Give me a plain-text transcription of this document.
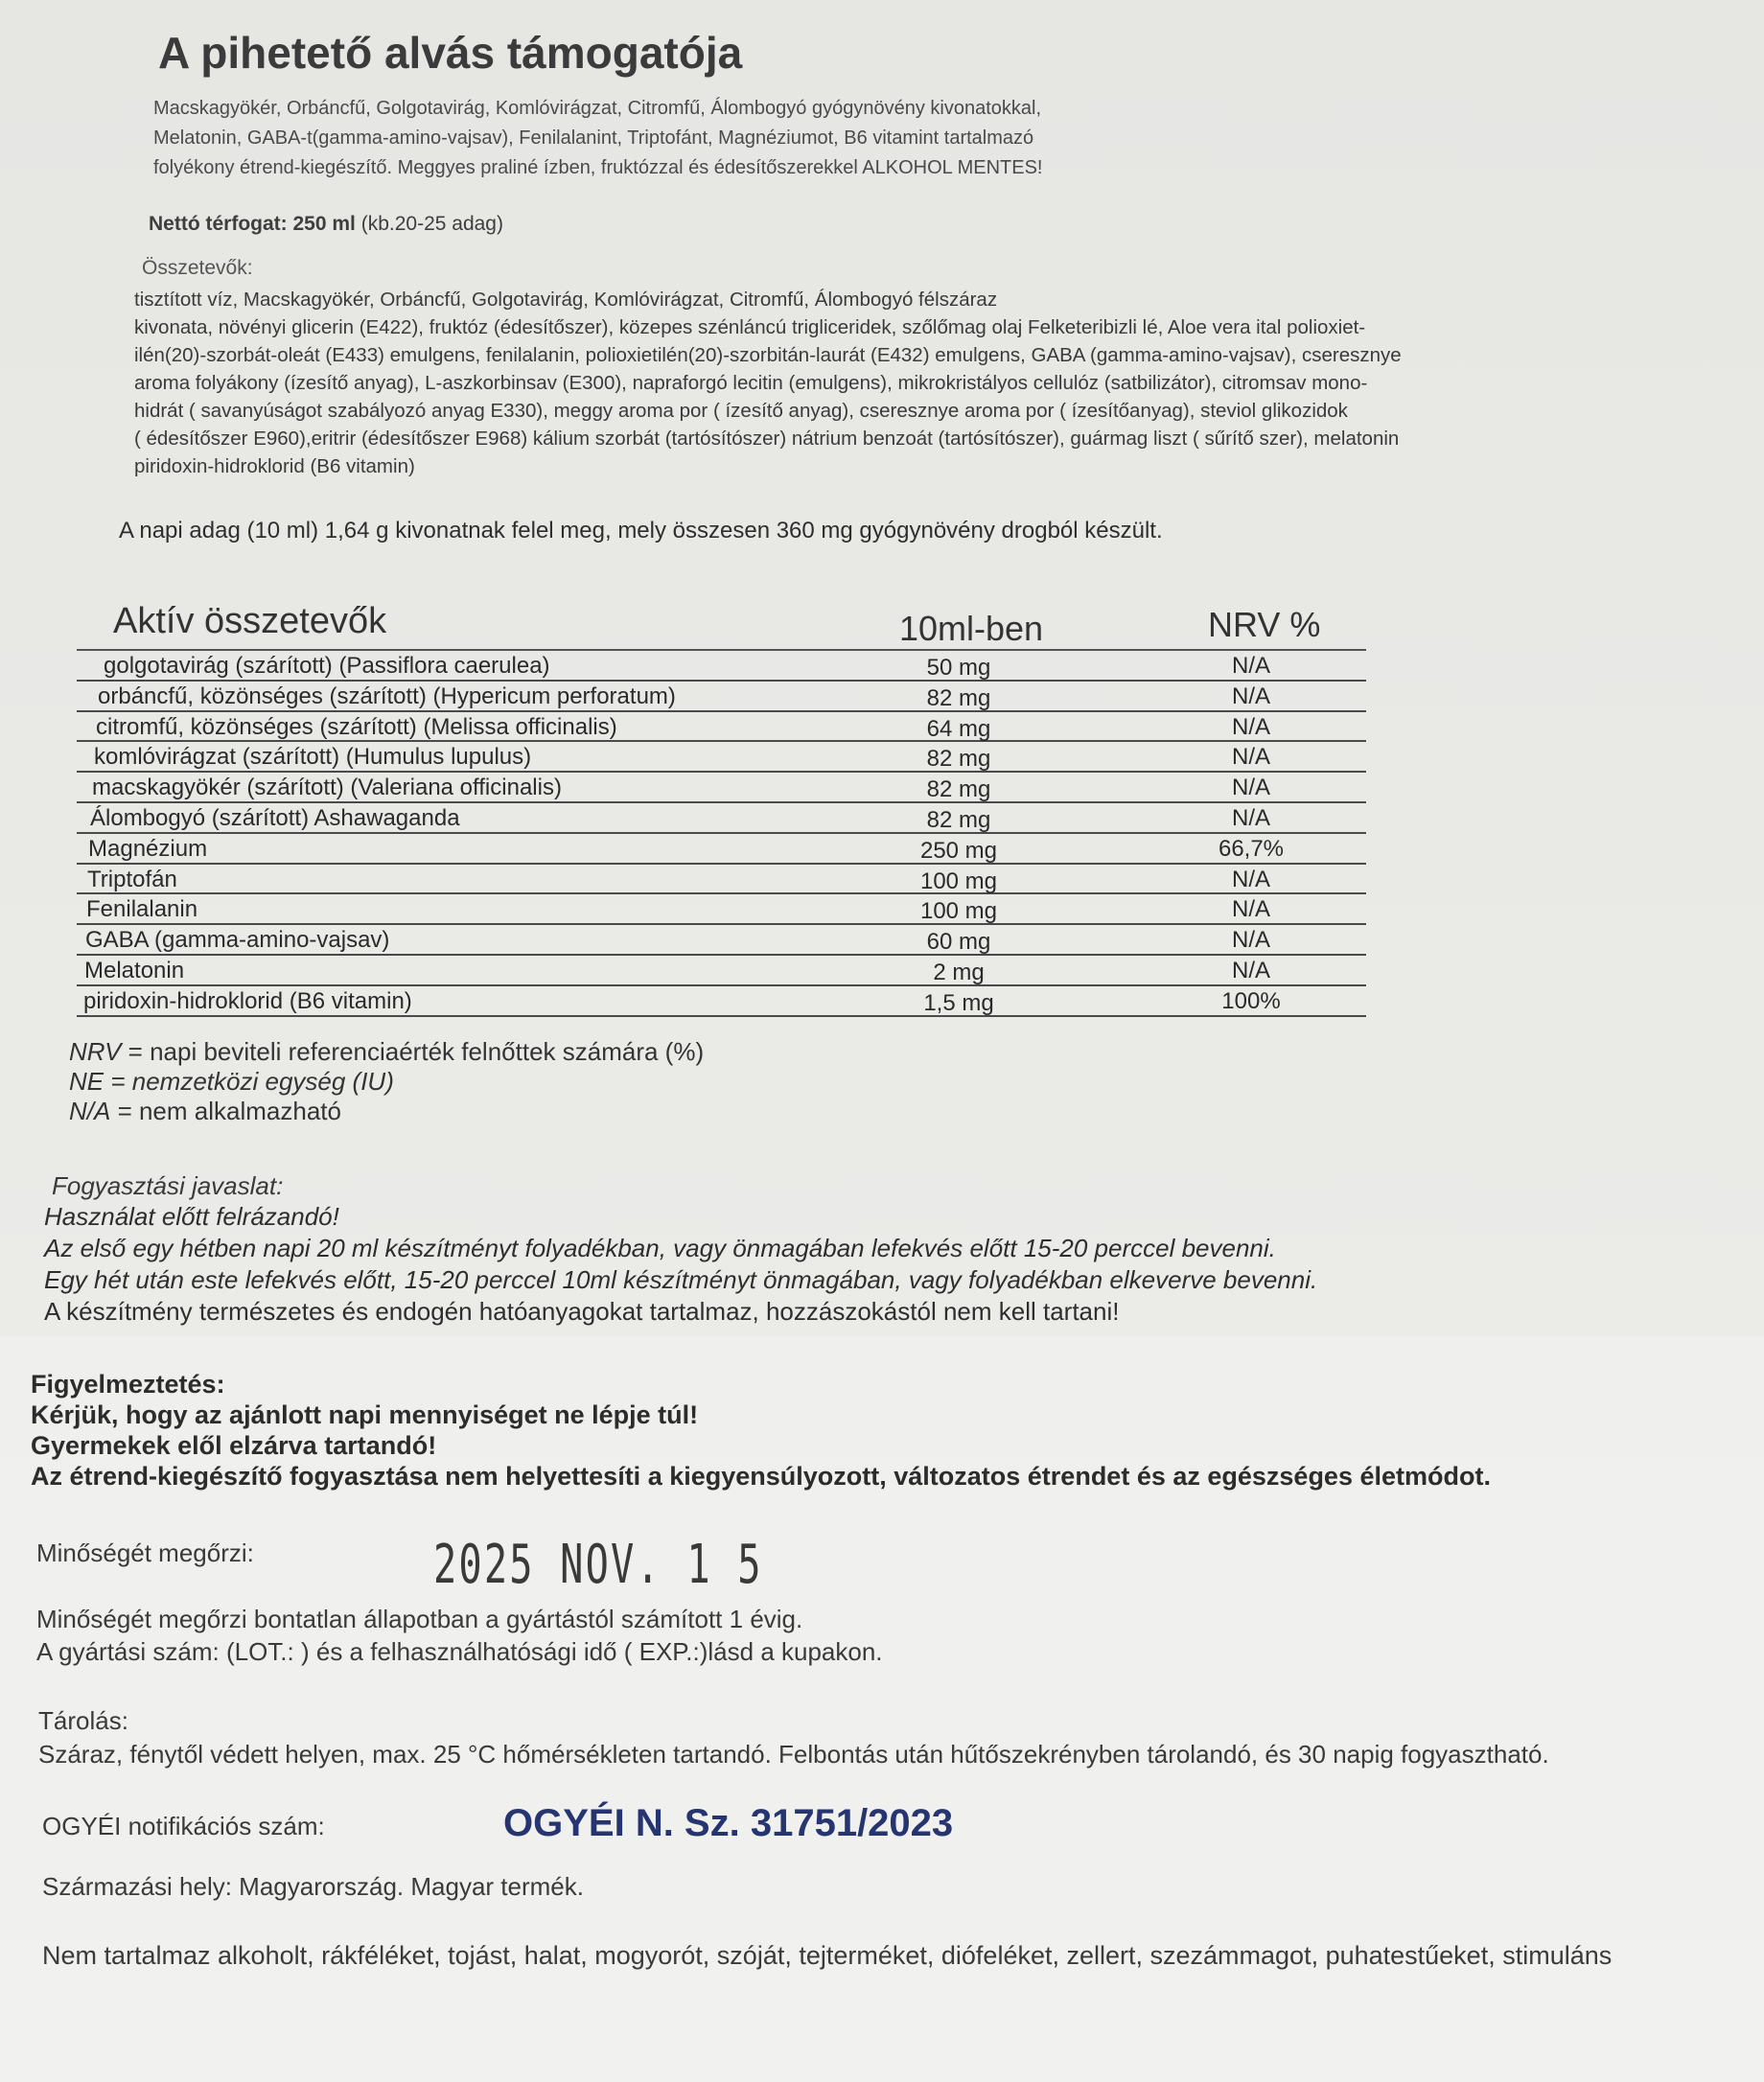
A pihetető alvás támogatója
Macskagyökér, Orbáncfű, Golgotavirág, Komlóvirágzat, Citromfű, Álombogyó gyógynövény kivonatokkal,
Melatonin, GABA-t(gamma-amino-vajsav), Fenilalanint, Triptofánt, Magnéziumot, B6 vitamint tartalmazó
folyékony étrend-kiegészítő. Meggyes praliné ízben, fruktózzal és édesítőszerekkel ALKOHOL MENTES!
Nettó térfogat: 250 ml (kb.20-25 adag)
Összetevők:
tisztított víz, Macskagyökér, Orbáncfű, Golgotavirág, Komlóvirágzat, Citromfű, Álombogyó félszáraz
kivonata, növényi glicerin (E422), fruktóz (édesítőszer), közepes szénláncú trigliceridek, szőlőmag olaj Felketeribizli lé, Aloe vera ital polioxiet-
ilén(20)-szorbát-oleát (E433) emulgens, fenilalanin, polioxietilén(20)-szorbitán-laurát (E432) emulgens, GABA (gamma-amino-vajsav), cseresznye
aroma folyákony (ízesítő anyag), L-aszkorbinsav (E300), napraforgó lecitin (emulgens), mikrokristályos cellulóz (satbilizátor), citromsav mono-
hidrát ( savanyúságot szabályozó anyag E330), meggy aroma por ( ízesítő anyag), cseresznye aroma por ( ízesítőanyag), steviol glikozidok
( édesítőszer E960),eritrir (édesítőszer E968) kálium szorbát (tartósítószer) nátrium benzoát (tartósítószer), guármag liszt ( sűrítő szer), melatonin
piridoxin-hidroklorid (B6 vitamin)
A napi adag (10 ml) 1,64 g kivonatnak felel meg, mely összesen 360 mg gyógynövény drogból készült.
Aktív összetevők	10ml-ben	NRV %
golgotavirág (szárított) (Passiflora caerulea)	50 mg	N/A
orbáncfű, közönséges (szárított) (Hypericum perforatum)	82 mg	N/A
citromfű, közönséges (szárított) (Melissa officinalis)	64 mg	N/A
komlóvirágzat (szárított) (Humulus lupulus)	82 mg	N/A
macskagyökér (szárított) (Valeriana officinalis)	82 mg	N/A
Álombogyó (szárított) Ashawaganda	82 mg	N/A
Magnézium	250 mg	66,7%
Triptofán	100 mg	N/A
Fenilalanin	100 mg	N/A
GABA (gamma-amino-vajsav)	60 mg	N/A
Melatonin	2 mg	N/A
piridoxin-hidroklorid (B6 vitamin)	1,5 mg	100%
NRV = napi beviteli referenciaérték felnőttek számára (%)
NE = nemzetközi egység (IU)
N/A = nem alkalmazható
Fogyasztási javaslat:
Használat előtt felrázandó!
Az első egy hétben napi 20 ml készítményt folyadékban, vagy önmagában lefekvés előtt 15-20 perccel bevenni.
Egy hét után este lefekvés előtt, 15-20 perccel 10ml készítményt önmagában, vagy folyadékban elkeverve bevenni.
A készítmény természetes és endogén hatóanyagokat tartalmaz, hozzászokástól nem kell tartani!
Figyelmeztetés:
Kérjük, hogy az ajánlott napi mennyiséget ne lépje túl!
Gyermekek elől elzárva tartandó!
Az étrend-kiegészítő fogyasztása nem helyettesíti a kiegyensúlyozott, változatos étrendet és az egészséges életmódot.
Minőségét megőrzi:	2025 NOV. 1 5
Minőségét megőrzi bontatlan állapotban a gyártástól számított 1 évig.
A gyártási szám: (LOT.: ) és a felhasználhatósági idő ( EXP.:)lásd a kupakon.
Tárolás:
Száraz, fénytől védett helyen, max. 25 °C hőmérsékleten tartandó. Felbontás után hűtőszekrényben tárolandó, és 30 napig fogyasztható.
OGYÉI notifikációs szám:	OGYÉI N. Sz. 31751/2023
Származási hely: Magyarország. Magyar termék.
Nem tartalmaz alkoholt, rákféléket, tojást, halat, mogyorót, szóját, tejterméket, diófeléket, zellert, szezámmagot, puhatestűeket, stimuláns
